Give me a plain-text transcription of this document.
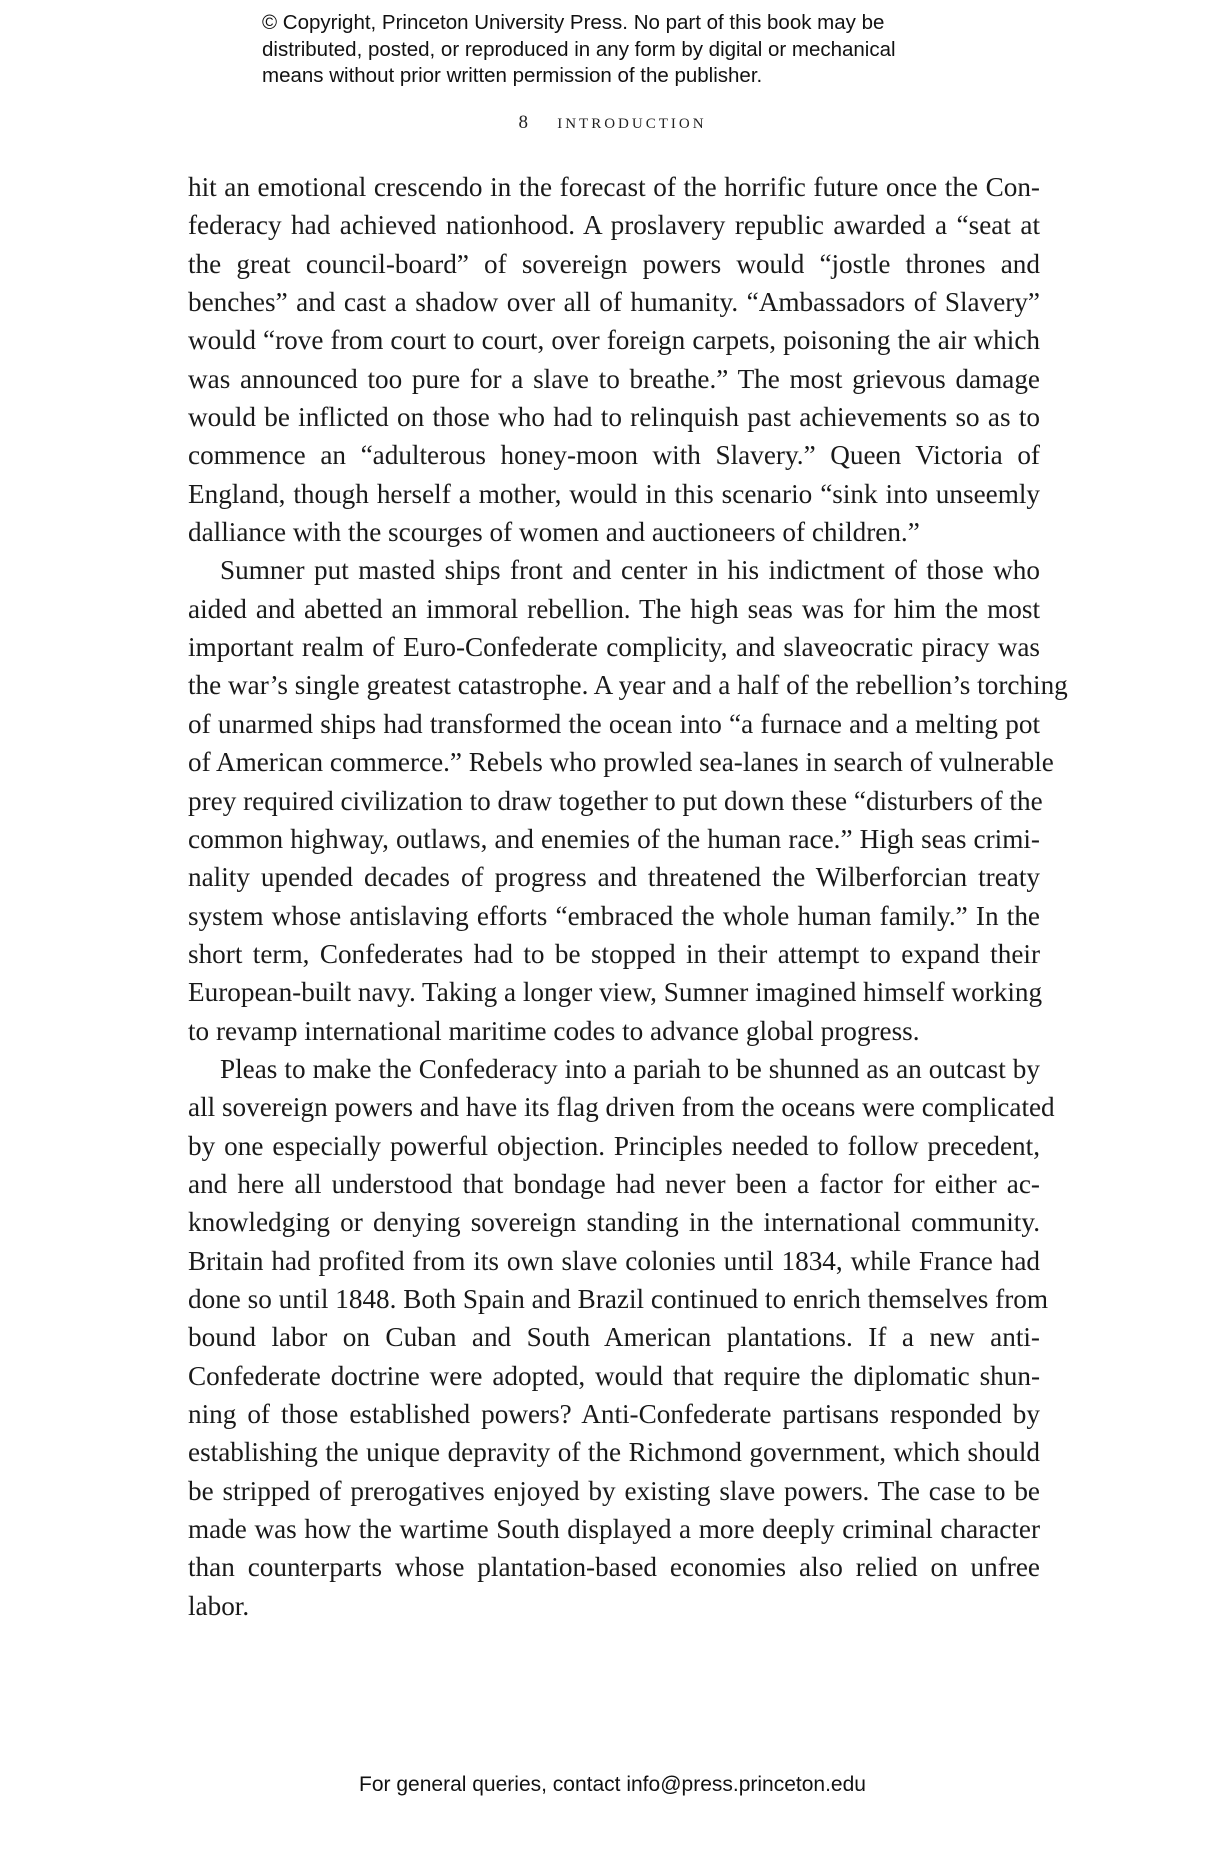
© Copyright, Princeton University Press. No part of this book may be
distributed, posted, or reproduced in any form by digital or mechanical
means without prior written permission of the publisher.
8 INTRODUCTION
hit an emotional crescendo in the forecast of the horrific future once the Con-
federacy had achieved nationhood. A proslavery republic awarded a “seat at
the great council-board” of sovereign powers would “jostle thrones and
benches” and cast a shadow over all of humanity. “Ambassadors of Slavery”
would “rove from court to court, over foreign carpets, poisoning the air which
was announced too pure for a slave to breathe.” The most grievous damage
would be inflicted on those who had to relinquish past achievements so as to
commence an “adulterous honey-moon with Slavery.” Queen Victoria of
England, though herself a mother, would in this scenario “sink into unseemly
dalliance with the scourges of women and auctioneers of children.”
Sumner put masted ships front and center in his indictment of those who
aided and abetted an immoral rebellion. The high seas was for him the most
important realm of Euro-Confederate complicity, and slaveocratic piracy was
the war’s single greatest catastrophe. A year and a half of the rebellion’s torching
of unarmed ships had transformed the ocean into “a furnace and a melting pot
of American commerce.” Rebels who prowled sea-lanes in search of vulnerable
prey required civilization to draw together to put down these “disturbers of the
common highway, outlaws, and enemies of the human race.” High seas crimi-
nality upended decades of progress and threatened the Wilberforcian treaty
system whose antislaving efforts “embraced the whole human family.” In the
short term, Confederates had to be stopped in their attempt to expand their
European-built navy. Taking a longer view, Sumner imagined himself working
to revamp international maritime codes to advance global progress.
Pleas to make the Confederacy into a pariah to be shunned as an outcast by
all sovereign powers and have its flag driven from the oceans were complicated
by one especially powerful objection. Principles needed to follow precedent,
and here all understood that bondage had never been a factor for either ac-
knowledging or denying sovereign standing in the international community.
Britain had profited from its own slave colonies until 1834, while France had
done so until 1848. Both Spain and Brazil continued to enrich themselves from
bound labor on Cuban and South American plantations. If a new anti-
Confederate doctrine were adopted, would that require the diplomatic shun-
ning of those established powers? Anti-Confederate partisans responded by
establishing the unique depravity of the Richmond government, which should
be stripped of prerogatives enjoyed by existing slave powers. The case to be
made was how the wartime South displayed a more deeply criminal character
than counterparts whose plantation-based economies also relied on unfree
labor.
For general queries, contact info@press.princeton.edu
